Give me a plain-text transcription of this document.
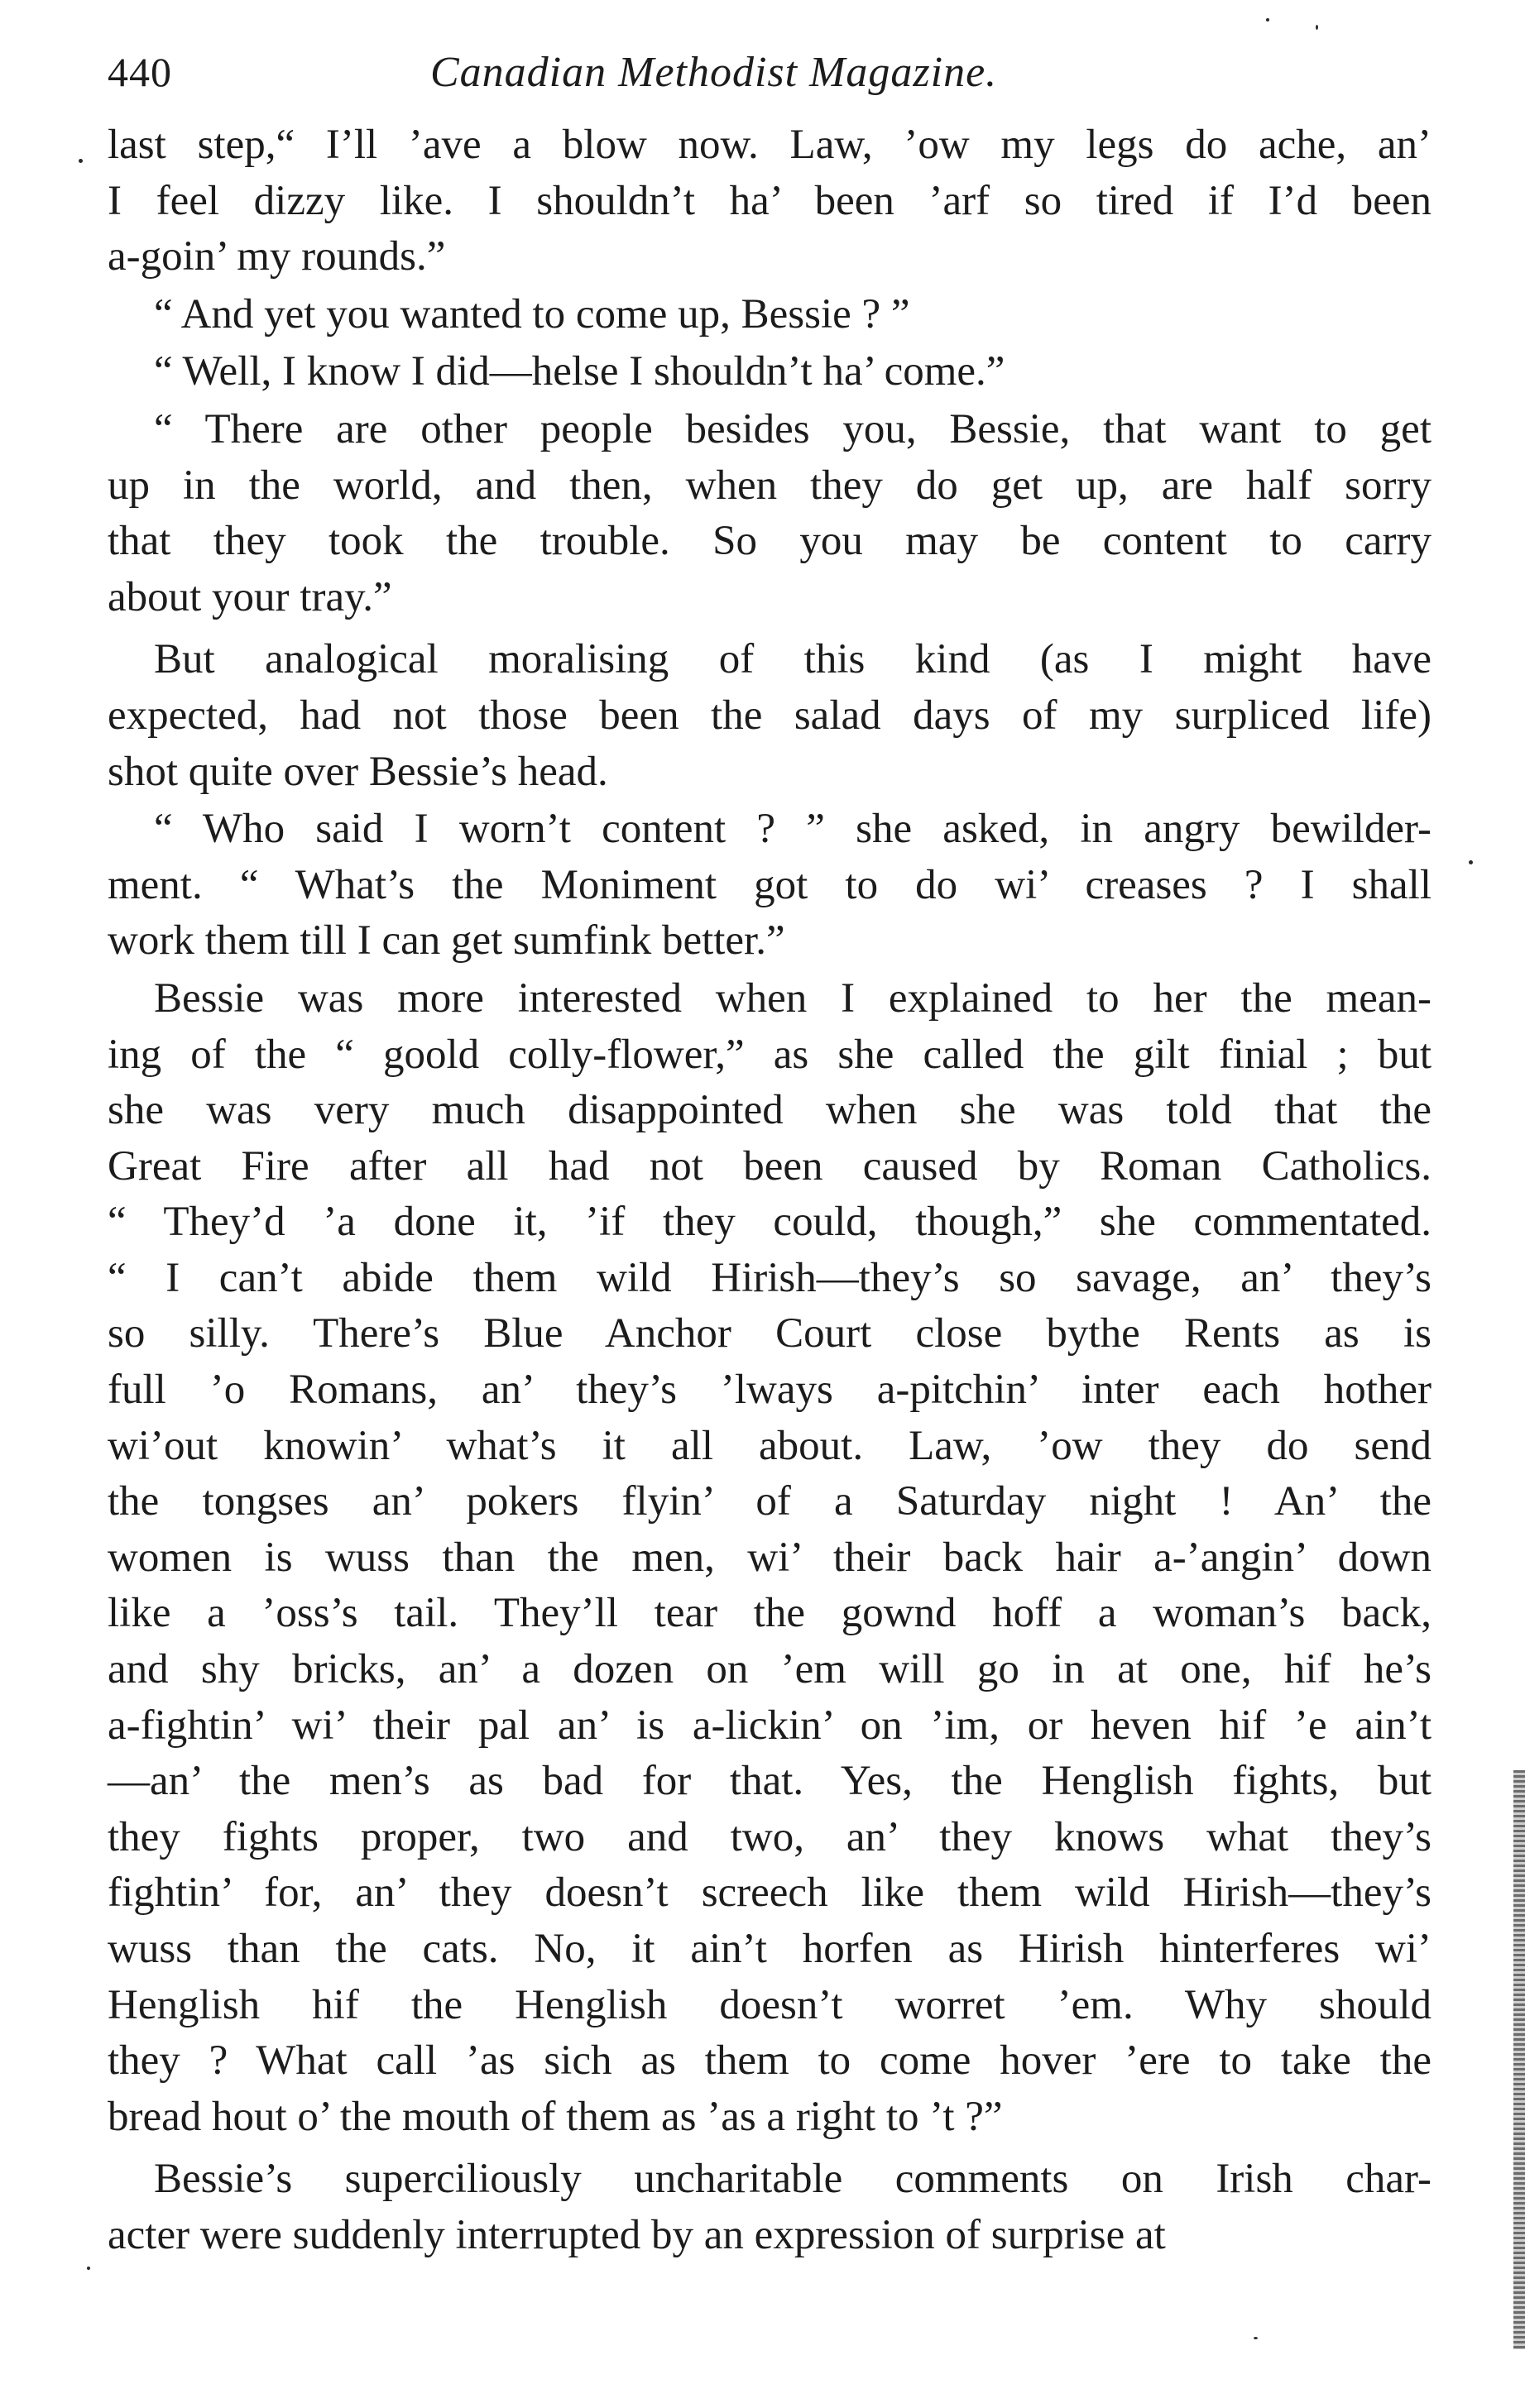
440	Canadian Methodist Magazine.
last step,“ I’ll ’ave a blow now. Law, ’ow my legs do ache, an’
I feel dizzy like. I shouldn’t ha’ been ’arf so tired if I’d been
a-goin’ my rounds.”
“ And yet you wanted to come up, Bessie ? ”
“ Well, I know I did—helse I shouldn’t ha’ come.”
“ There are other people besides you, Bessie, that want to get
up in the world, and then, when they do get up, are half sorry
that they took the trouble. So you may be content to carry
about your tray.”
But analogical moralising of this kind (as I might have
expected, had not those been the salad days of my surpliced life)
shot quite over Bessie’s head.
“ Who said I worn’t content ? ” she asked, in angry bewilder-
ment. “ What’s the Moniment got to do wi’ creases ? I shall
work them till I can get sumfink better.”
Bessie was more interested when I explained to her the mean-
ing of the “ goold colly-flower,” as she called the gilt finial ; but
she was very much disappointed when she was told that the
Great Fire after all had not been caused by Roman Catholics.
“ They’d ’a done it, ’if they could, though,” she commentated.
“ I can’t abide them wild Hirish—they’s so savage, an’ they’s
so silly. There’s Blue Anchor Court close bythe Rents as is
full ’o Romans, an’ they’s ’lways a-pitchin’ inter each hother
wi’out knowin’ what’s it all about. Law, ’ow they do send
the tongses an’ pokers flyin’ of a Saturday night ! An’ the
women is wuss than the men, wi’ their back hair a-’angin’ down
like a ’oss’s tail. They’ll tear the gownd hoff a woman’s back,
and shy bricks, an’ a dozen on ’em will go in at one, hif he’s
a-fightin’ wi’ their pal an’ is a-lickin’ on ’im, or heven hif ’e ain’t
—an’ the men’s as bad for that. Yes, the Henglish fights, but
they fights proper, two and two, an’ they knows what they’s
fightin’ for, an’ they doesn’t screech like them wild Hirish—they’s
wuss than the cats. No, it ain’t horfen as Hirish hinterferes wi’
Henglish hif the Henglish doesn’t worret ’em. Why should
they ? What call ’as sich as them to come hover ’ere to take the
bread hout o’ the mouth of them as ’as a right to ’t ?”
Bessie’s superciliously uncharitable comments on Irish char-
acter were suddenly interrupted by an expression of surprise at
